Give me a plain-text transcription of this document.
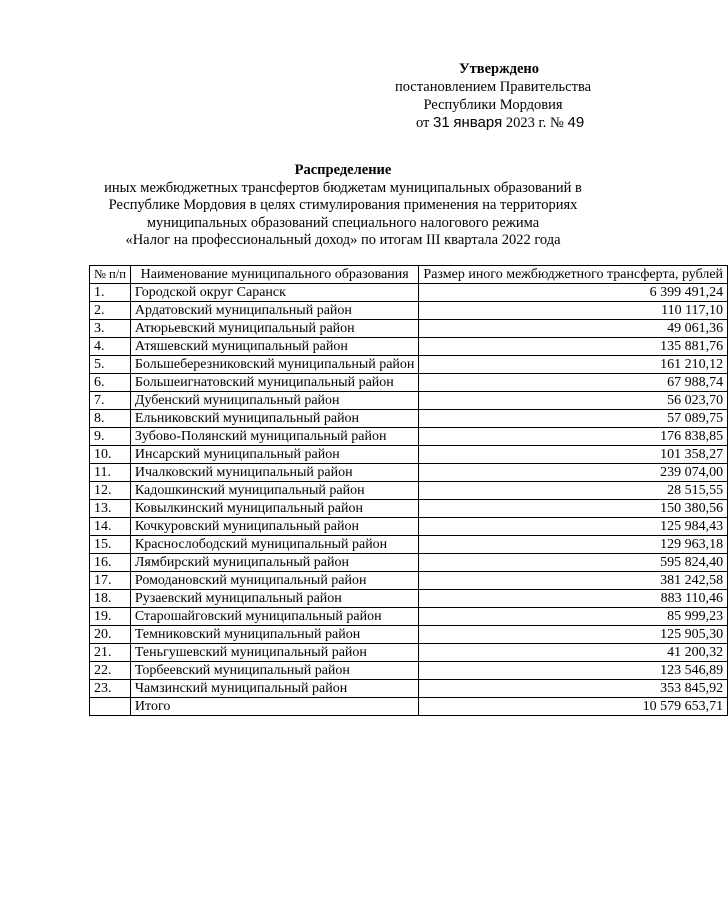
Утверждено
постановлением Правительства
Республики Мордовия
от 31 января 2023 г. № 49
Распределение
иных межбюджетных трансфертов бюджетам муниципальных образований в
Республике Мордовия в целях стимулирования применения на территориях
муниципальных образований специального налогового режима
«Налог на профессиональный доход» по итогам III квартала 2022 года
№ п/п	Наименование муниципального образования	Размер иного межбюджетного трансферта, рублей
1.	Городской округ Саранск	6 399 491,24
2.	Ардатовский муниципальный район	110 117,10
3.	Атюрьевский муниципальный район	49 061,36
4.	Атяшевский муниципальный район	135 881,76
5.	Большеберезниковский муниципальный район	161 210,12
6.	Большеигнатовский муниципальный район	67 988,74
7.	Дубенский муниципальный район	56 023,70
8.	Ельниковский муниципальный район	57 089,75
9.	Зубово-Полянский муниципальный район	176 838,85
10.	Инсарский муниципальный район	101 358,27
11.	Ичалковский муниципальный район	239 074,00
12.	Кадошкинский муниципальный район	28 515,55
13.	Ковылкинский муниципальный район	150 380,56
14.	Кочкуровский муниципальный район	125 984,43
15.	Краснослободский муниципальный район	129 963,18
16.	Лямбирский муниципальный район	595 824,40
17.	Ромодановский муниципальный район	381 242,58
18.	Рузаевский муниципальный район	883 110,46
19.	Старошайговский муниципальный район	85 999,23
20.	Темниковский муниципальный район	125 905,30
21.	Теньгушевский муниципальный район	41 200,32
22.	Торбеевский муниципальный район	123 546,89
23.	Чамзинский муниципальный район	353 845,92
	Итого	10 579 653,71
